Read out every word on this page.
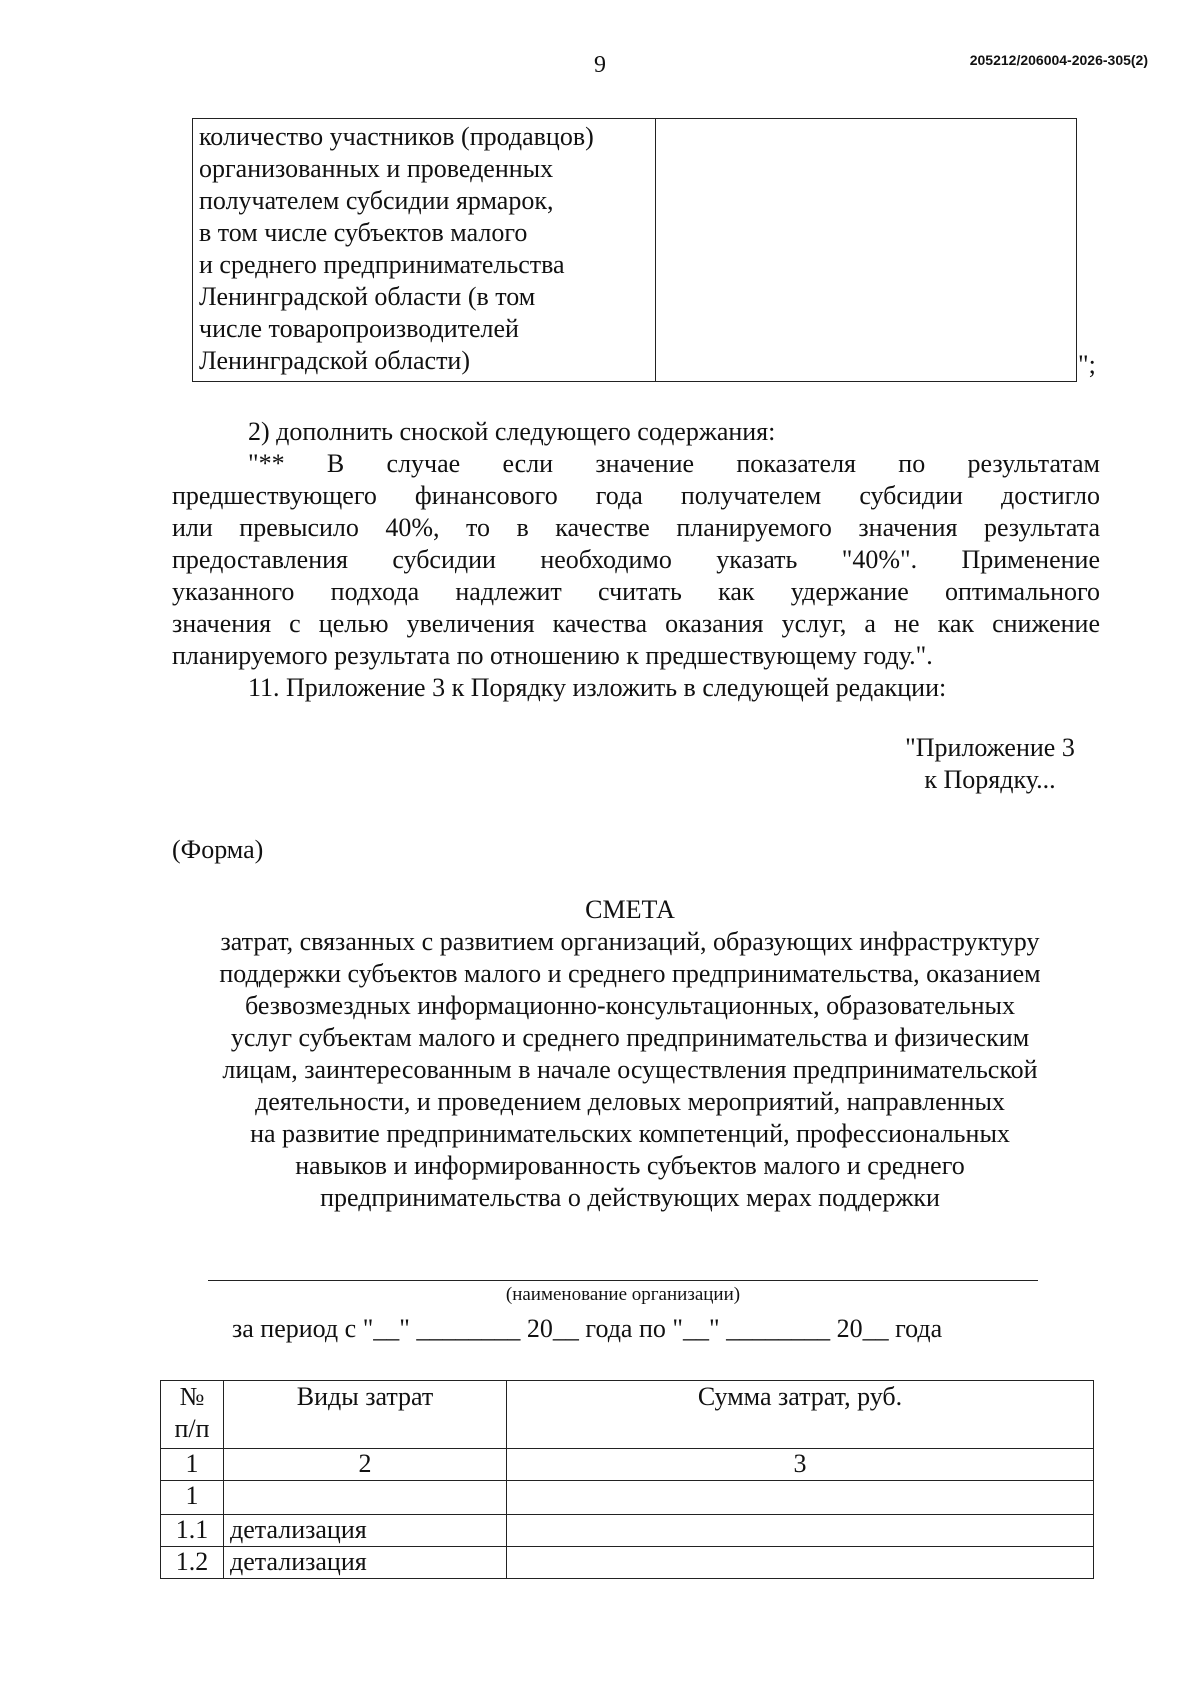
9	205212/206004-2026-305(2)
количество участников (продавцов)
организованных и проведенных
получателем субсидии ярмарок,
в том числе субъектов малого
и среднего предпринимательства
Ленинградской области (в том
числе товаропроизводителей
Ленинградской области)
		";
2) дополнить сноской следующего содержания:
"** В случае если значение показателя по результатам
предшествующего финансового года получателем субсидии достигло
или превысило 40%, то в качестве планируемого значения результата
предоставления субсидии необходимо указать "40%". Применение
указанного подхода надлежит считать как удержание оптимального
значения с целью увеличения качества оказания услуг, а не как снижение
планируемого результата по отношению к предшествующему году.".
11. Приложение 3 к Порядку изложить в следующей редакции:
"Приложение 3
к Порядку...
(Форма)
СМЕТА
затрат, связанных с развитием организаций, образующих инфраструктуру
поддержки субъектов малого и среднего предпринимательства, оказанием
безвозмездных информационно-консультационных, образовательных
услуг субъектам малого и среднего предпринимательства и физическим
лицам, заинтересованным в начале осуществления предпринимательской
деятельности, и проведением деловых мероприятий, направленных
на развитие предпринимательских компетенций, профессиональных
навыков и информированность субъектов малого и среднего
предпринимательства о действующих мерах поддержки
(наименование организации)
за период с "__" ________ 20__ года по "__" ________ 20__ года
№
п/п	Виды затрат	Сумма затрат, руб.
1	2	3
1		
1.1	детализация	
1.2	детализация	
